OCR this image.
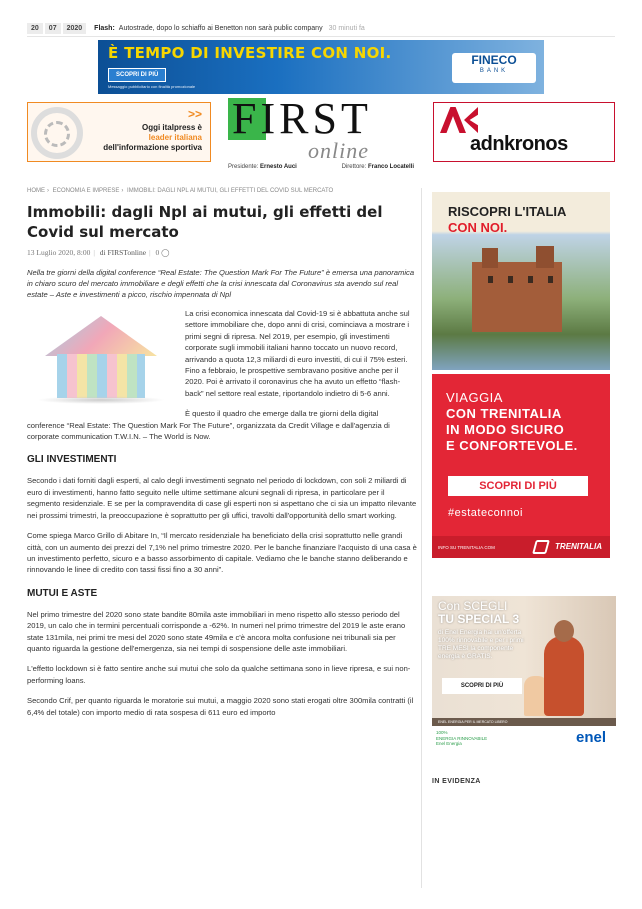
20	07	2020	Flash: Autostrade, dopo lo schiaffo ai Benetton non sarà public company 30 minuti fa
È TEMPO DI INVESTIRE CON NOI.
SCOPRI DI PIÙ
Messaggio pubblicitario con finalità promozionale
FINECO
BANK
>>
Oggi italpress è
leader italiana
dell'informazione sportiva
FIRST
online
Presidente: Ernesto Auci	Direttore: Franco Locatelli
adnkronos
HOME › ECONOMIA E IMPRESE › IMMOBILI: DAGLI NPL AI MUTUI, GLI EFFETTI DEL COVID SUL MERCATO
Immobili: dagli Npl ai mutui, gli effetti del Covid sul mercato
13 Luglio 2020, 8:00 | di FIRSTonline | 0 ◯

Nella tre giorni della digital conference “Real Estate: The Question Mark For The Future” è emersa una panoramica in chiaro scuro del mercato immobiliare e degli effetti che la crisi innescata dal Coronavirus sta avendo sul real estate – Aste e investimenti a picco, rischio impennata di Npl

La crisi economica innescata dal Covid-19 si è abbattuta anche sul settore immobiliare che, dopo anni di crisi, cominciava a mostrare i primi segni di ripresa. Nel 2019, per esempio, gli investimenti corporate sugli immobili italiani hanno toccato un nuovo record, arrivando a quota 12,3 miliardi di euro investiti, di cui il 75% esteri. Fino a febbraio, le prospettive sembravano positive anche per il 2020. Poi è arrivato il coronavirus che ha avuto un effetto “flash-back” nel settore real estate, riportandolo indietro di 5-6 anni.

È questo il quadro che emerge dalla tre giorni della digital conference “Real Estate: The Question Mark For The Future”, organizzata da Credit Village e dall'agenzia di corporate communication T.W.I.N. – The World is Now.

GLI INVESTIMENTI

Secondo i dati forniti dagli esperti, al calo degli investimenti segnato nel periodo di lockdown, con soli 2 miliardi di euro di investimenti, hanno fatto seguito nelle ultime settimane alcuni segnali di ripresa, in particolare per il segmento residenziale. E se per la compravendita di case gli esperti non si aspettano che ci sia un impatto rilevante nei prossimi trimestri, la preoccupazione è soprattutto per gli uffici, travolti dall'opportunità dello smart working.

Come spiega Marco Grillo di Abitare In, “Il mercato residenziale ha beneficiato della crisi soprattutto nelle grandi città, con un aumento dei prezzi del 7,1% nel primo trimestre 2020. Per le banche finanziare l'acquisto di una casa è un investimento perfetto, sicuro e a basso assorbimento di capitale. Vediamo che le banche stanno deliberando e rinnovando le linee di credito con tassi fissi fino a 30 anni”.

MUTUI E ASTE

Nel primo trimestre del 2020 sono state bandite 80mila aste immobiliari in meno rispetto allo stesso periodo del 2019, un calo che in termini percentuali corrisponde a -62%. In numeri nel primo trimestre del 2019 le aste erano state 131mila, nei primi tre mesi del 2020 sono state 49mila e c'è ancora molta confusione nei tribunali sia per quanto riguarda la gestione dell'emergenza, sia nei tempi di sospensione delle aste immobiliari.

L'effetto lockdown si è fatto sentire anche sui mutui che solo da qualche settimana sono in lieve ripresa, e sui non-performing loans.

Secondo Crif, per quanto riguarda le moratorie sui mutui, a maggio 2020 sono stati erogati oltre 300mila contratti (il 6,4% del totale) con importo medio di rata sospesa di 611 euro ed importo

RISCOPRI L'ITALIA
CON NOI.
VIAGGIA
CON TRENITALIA
IN MODO SICURO
E CONFORTEVOLE.
SCOPRI DI PIÙ
#estateconnoi
INFO SU TRENITALIA.COM	TRENITALIA
Con SCEGLI
TU SPECIAL 3
di Enel Energia hai un'offerta
100% rinnovabile e per i primi
TRE MESI la componente
energia è GRATIS.
SCOPRI DI PIÙ
ENEL ENERGIA PER IL MERCATO LIBERO
100%
ENERGIA RINNOVABILE
Enel Energia	enel
IN EVIDENZA
